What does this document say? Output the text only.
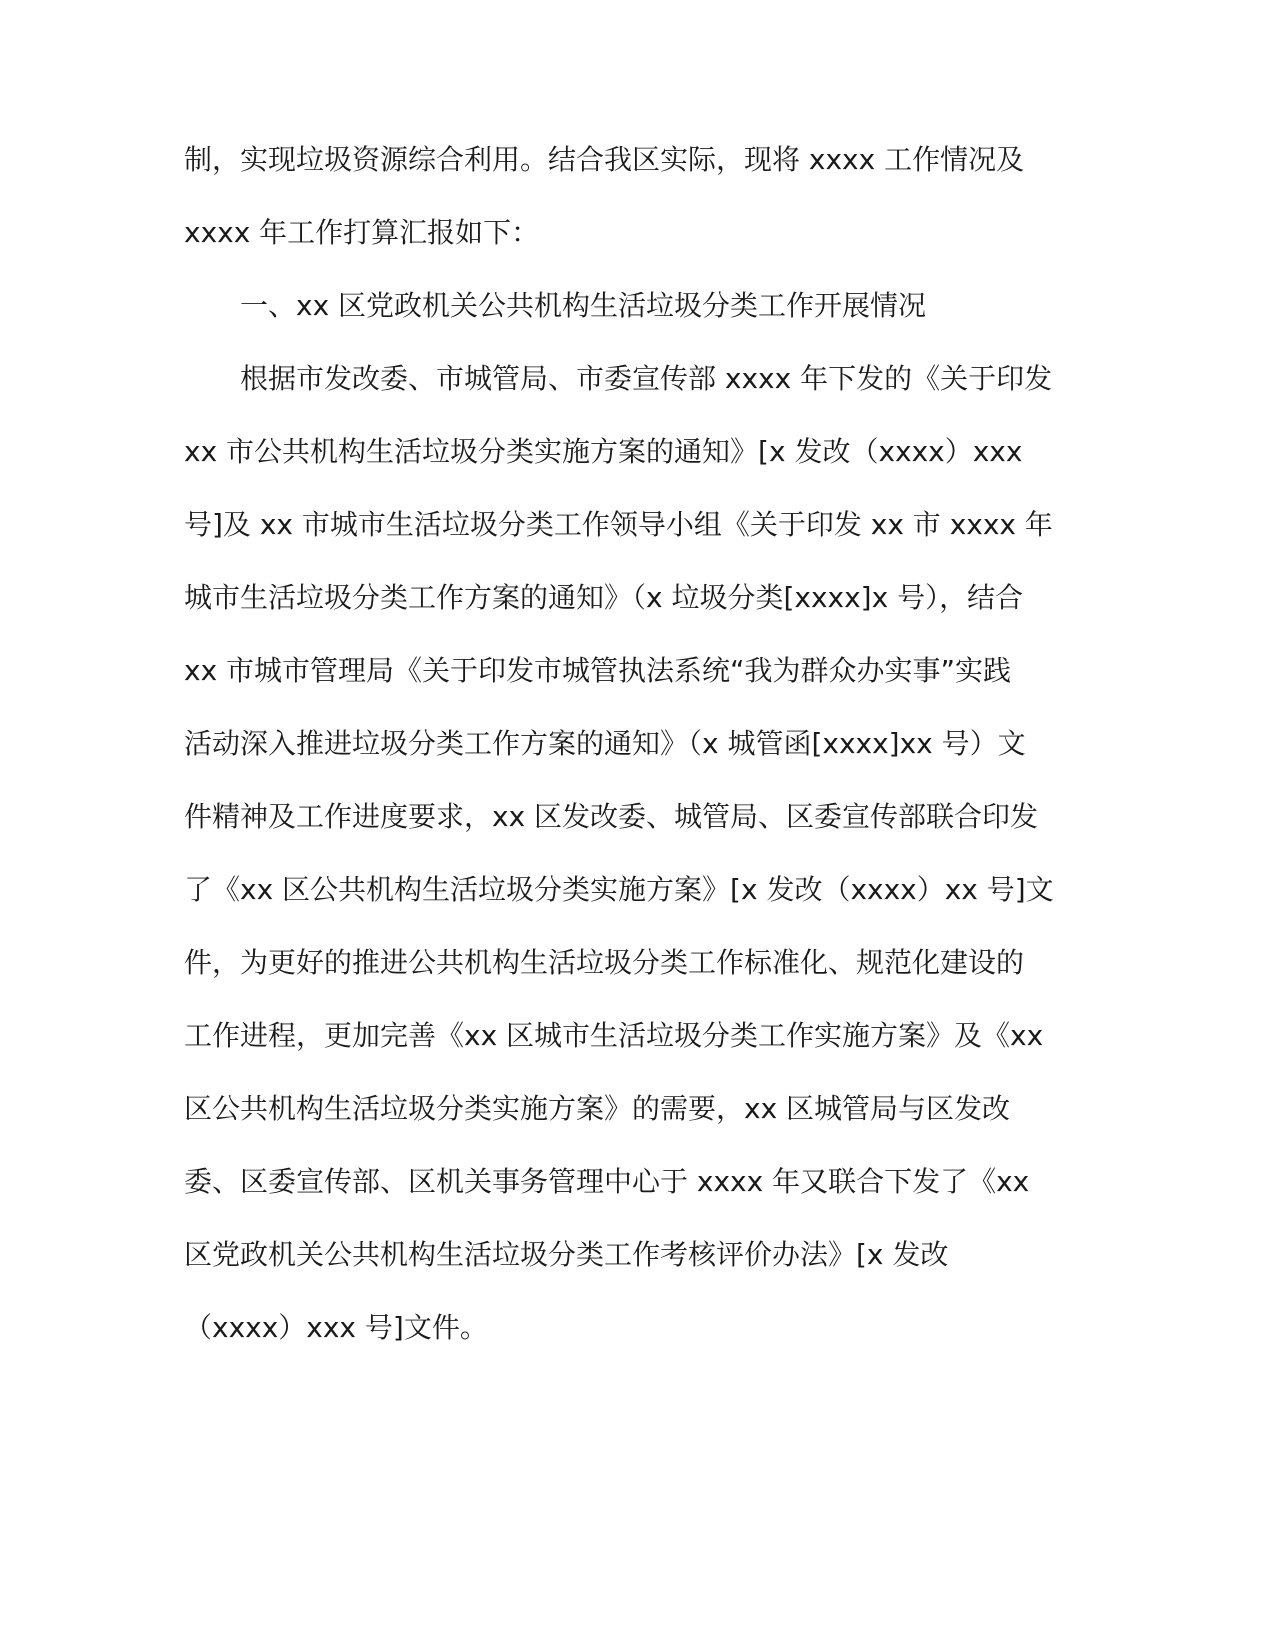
制，实现垃圾资源综合利用。结合我区实际，现将 xxxx 工作情况及
xxxx 年工作打算汇报如下：
一、xx 区党政机关公共机构生活垃圾分类工作开展情况
根据市发改委、市城管局、市委宣传部 xxxx 年下发的《关于印发
xx 市公共机构生活垃圾分类实施方案的通知》[x 发改（xxxx）xxx
号]及 xx 市城市生活垃圾分类工作领导小组《关于印发 xx 市 xxxx 年
城市生活垃圾分类工作方案的通知》（x 垃圾分类[xxxx]x 号），结合
xx 市城市管理局《关于印发市城管执法系统“我为群众办实事”实践
活动深入推进垃圾分类工作方案的通知》（x 城管函[xxxx]xx 号）文
件精神及工作进度要求，xx 区发改委、城管局、区委宣传部联合印发
了《xx 区公共机构生活垃圾分类实施方案》[x 发改（xxxx）xx 号]文
件，为更好的推进公共机构生活垃圾分类工作标准化、规范化建设的
工作进程，更加完善《xx 区城市生活垃圾分类工作实施方案》及《xx
区公共机构生活垃圾分类实施方案》的需要，xx 区城管局与区发改
委、区委宣传部、区机关事务管理中心于 xxxx 年又联合下发了《xx
区党政机关公共机构生活垃圾分类工作考核评价办法》[x 发改
（xxxx）xxx 号]文件。
